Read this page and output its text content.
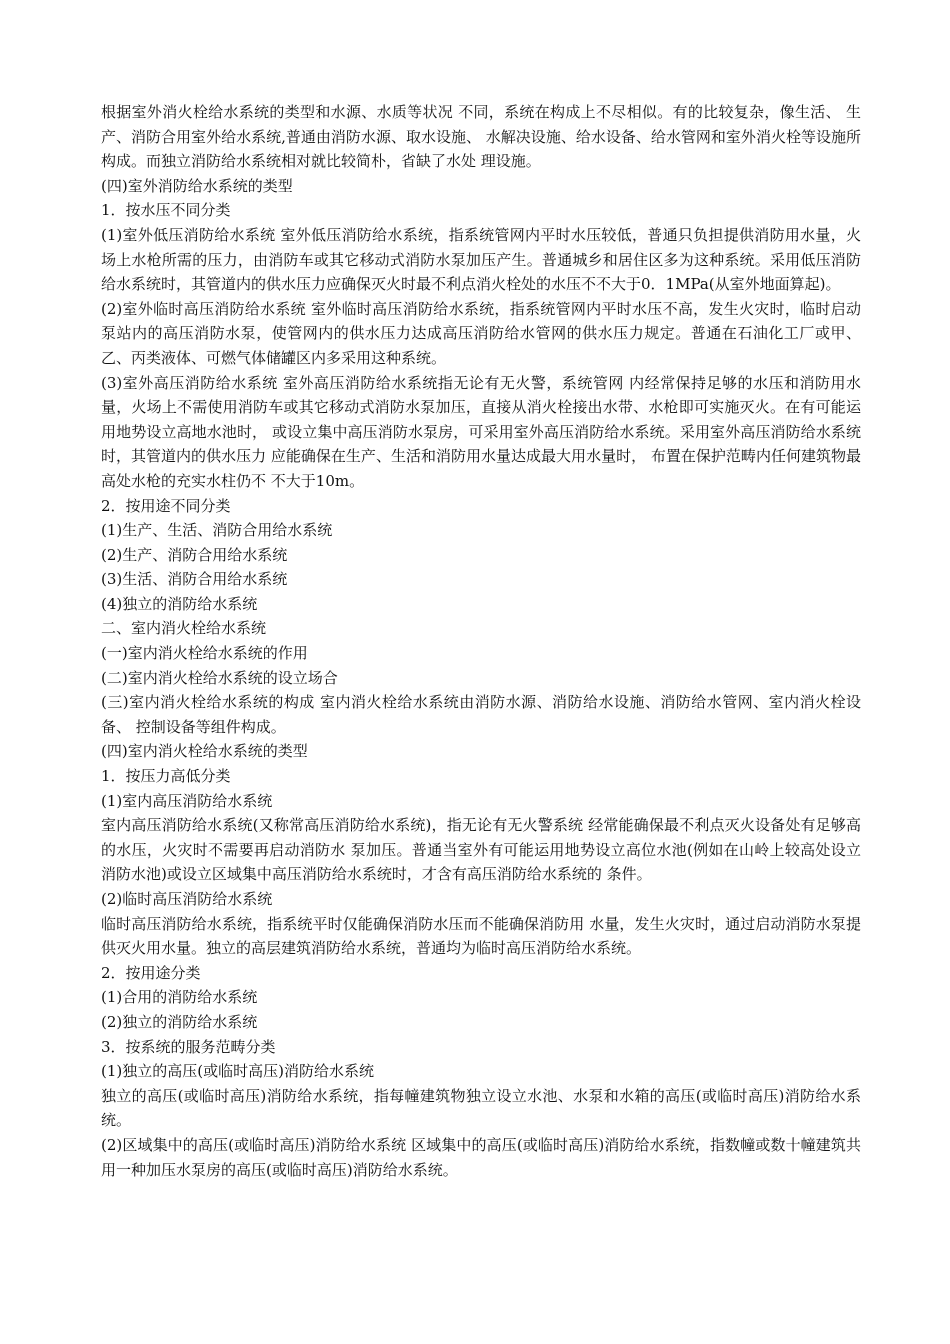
根据室外消火栓给水系统的类型和水源、水质等状况 不同，系统在构成上不尽相似。有的比较复杂，像生活、 生产、消防合用室外给水系统,普通由消防水源、取水设施、 水解决设施、给水设备、给水管网和室外消火栓等设施所 构成。而独立消防给水系统相对就比较简朴，省缺了水处 理设施。

(四)室外消防给水系统的类型

1．按水压不同分类

(1)室外低压消防给水系统 室外低压消防给水系统，指系统管网内平时水压较低，普通只负担提供消防用水量，火场上水枪所需的压力，由消防车或其它移动式消防水泵加压产生。普通城乡和居住区多为这种系统。采用低压消防给水系统时，其管道内的供水压力应确保灭火时最不利点消火栓处的水压不不大于0．1MPa(从室外地面算起)。

(2)室外临时高压消防给水系统 室外临时高压消防给水系统，指系统管网内平时水压不高，发生火灾时，临时启动泵站内的高压消防水泵，使管网内的供水压力达成高压消防给水管网的供水压力规定。普通在石油化工厂或甲、乙、丙类液体、可燃气体储罐区内多采用这种系统。

(3)室外高压消防给水系统 室外高压消防给水系统指无论有无火警，系统管网 内经常保持足够的水压和消防用水量，火场上不需使用消防车或其它移动式消防水泵加压，直接从消火栓接出水带、水枪即可实施灭火。在有可能运用地势设立高地水池时， 或设立集中高压消防水泵房，可采用室外高压消防给水系统。采用室外高压消防给水系统时，其管道内的供水压力 应能确保在生产、生活和消防用水量达成最大用水量时， 布置在保护范畴内任何建筑物最高处水枪的充实水柱仍不 不大于10m。

2．按用途不同分类

(1)生产、生活、消防合用给水系统

(2)生产、消防合用给水系统

(3)生活、消防合用给水系统

(4)独立的消防给水系统

二、室内消火栓给水系统

(一)室内消火栓给水系统的作用

(二)室内消火栓给水系统的设立场合

(三)室内消火栓给水系统的构成 室内消火栓给水系统由消防水源、消防给水设施、消防给水管网、室内消火栓设备、 控制设备等组件构成。

(四)室内消火栓给水系统的类型

1．按压力高低分类

(1)室内高压消防给水系统

室内高压消防给水系统(又称常高压消防给水系统)，指无论有无火警系统 经常能确保最不利点灭火设备处有足够高的水压，火灾时不需要再启动消防水 泵加压。普通当室外有可能运用地势设立高位水池(例如在山岭上较高处设立 消防水池)或设立区域集中高压消防给水系统时，才含有高压消防给水系统的 条件。

(2)临时高压消防给水系统

临时高压消防给水系统，指系统平时仅能确保消防水压而不能确保消防用 水量，发生火灾时，通过启动消防水泵提供灭火用水量。独立的高层建筑消防给水系统，普通均为临时高压消防给水系统。

2．按用途分类

(1)合用的消防给水系统

(2)独立的消防给水系统

3．按系统的服务范畴分类

(1)独立的高压(或临时高压)消防给水系统

独立的高压(或临时高压)消防给水系统，指每幢建筑物独立设立水池、水泵和水箱的高压(或临时高压)消防给水系统。

(2)区域集中的高压(或临时高压)消防给水系统 区域集中的高压(或临时高压)消防给水系统，指数幢或数十幢建筑共用一种加压水泵房的高压(或临时高压)消防给水系统。
